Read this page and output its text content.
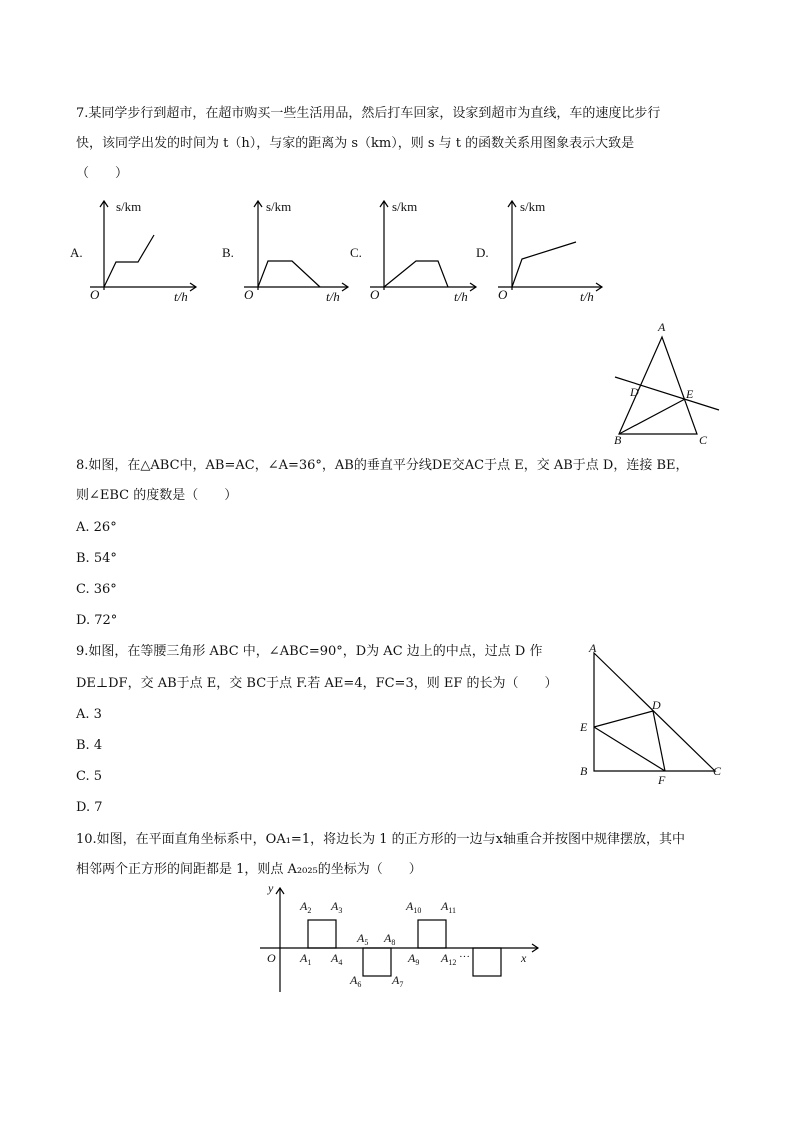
7.某同学步行到超市，在超市购买一些生活用品，然后打车回家，设家到超市为直线，车的速度比步行
快，该同学出发的时间为 t（h），与家的距离为 s（km），则 s 与 t 的函数关系用图象表示大致是
（　　）
A.
s/km
t/h
O
B.
s/km
t/h
O
C.
s/km
t/h
O
D.
s/km
t/h
O
A
D	E
B	C
8.如图，在△ABC中，AB=AC，∠A=36°，AB的垂直平分线DE交AC于点 E，交 AB于点 D，连接 BE，
则∠EBC 的度数是（　　）
A. 26°
B. 54°
C. 36°
D. 72°
9.如图，在等腰三角形 ABC 中，∠ABC=90°，D为 AC 边上的中点，过点 D 作
DE⊥DF，交 AB于点 E，交 BC于点 F.若 AE=4，FC=3，则 EF 的长为（　　）
A. 3
B. 4
C. 5
D. 7
A
D
E
B
F
C
10.如图，在平面直角坐标系中，OA₁=1，将边长为 1 的正方形的一边与x轴重合并按图中规律摆放，其中
相邻两个正方形的间距都是 1，则点 A₂₀₂₅的坐标为（　　）
y
x
O
$A_2$ $A_3$
$A_1$ $A_4$
$A_5$ $A_8$
$A_6$	$A_7$
$A_{10}$ $A_{11}$
$A_9$ $A_{12}$ ···
